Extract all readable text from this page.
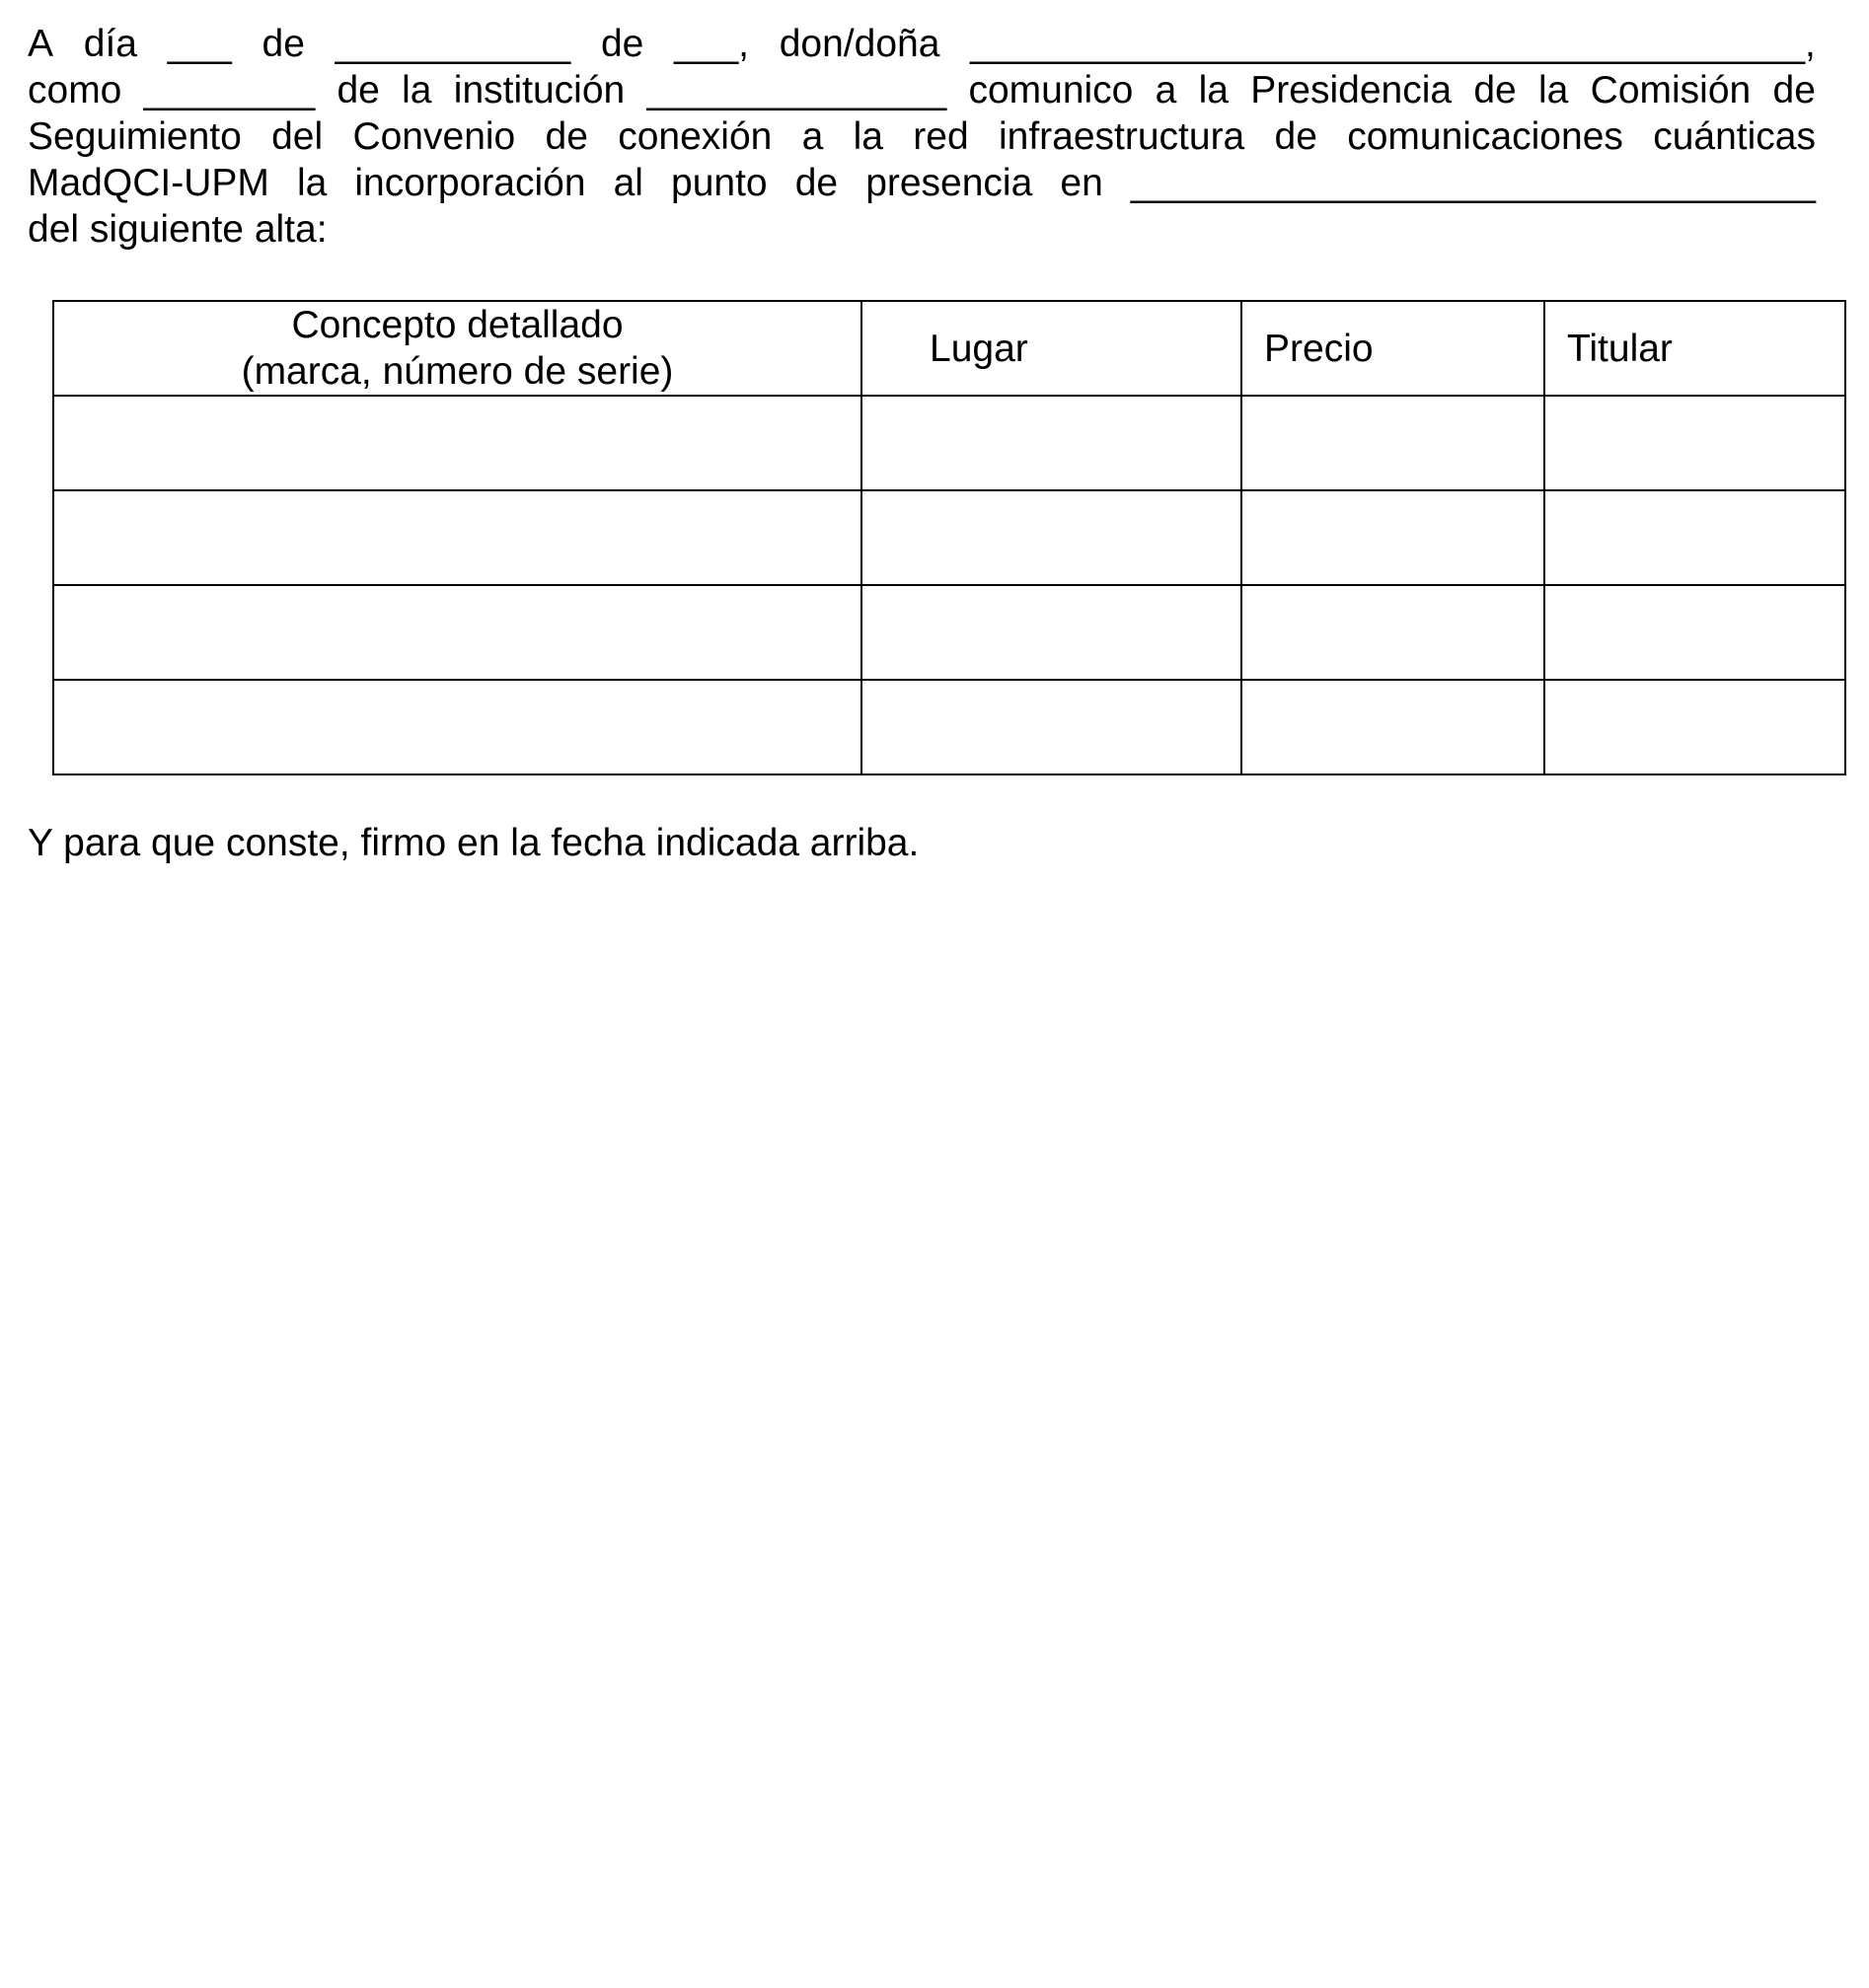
A día ___ de ___________ de ___, don/doña _______________________________________,
como ________ de la institución ______________ comunico a la Presidencia de la Comisión de
Seguimiento del Convenio de conexión a la red infraestructura de comunicaciones cuánticas
MadQCI-UPM la incorporación al punto de presencia en ________________________________
del siguiente alta:
Concepto detallado
(marca, número de serie)	Lugar	Precio	Titular

Y para que conste, firmo en la fecha indicada arriba.
